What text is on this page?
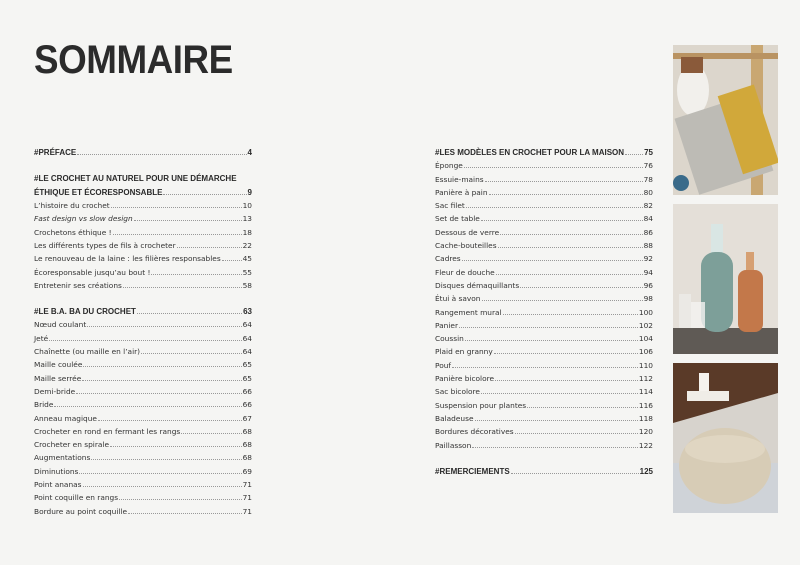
SOMMAIRE
#PRÉFACE	4
#LE CROCHET AU NATUREL POUR UNE DÉMARCHE
ÉTHIQUE ET ÉCORESPONSABLE	9
L’histoire du crochet	10
Fast design vs slow design	13
Crochetons éthique !	18
Les différents types de fils à crocheter	22
Le renouveau de la laine : les filières responsables	45
Écoresponsable jusqu’au bout !	55
Entretenir ses créations	58
#LE B.A. BA DU CROCHET	63
Nœud coulant	64
Jeté	64
Chaînette (ou maille en l’air)	64
Maille coulée	65
Maille serrée	65
Demi-bride	66
Bride	66
Anneau magique	67
Crocheter en rond en fermant les rangs	68
Crocheter en spirale	68
Augmentations	68
Diminutions	69
Point ananas	71
Point coquille en rangs	71
Bordure au point coquille	71
#LES MODÈLES EN CROCHET POUR LA MAISON	75
Éponge	76
Essuie-mains	78
Panière à pain	80
Sac filet	82
Set de table	84
Dessous de verre	86
Cache-bouteilles	88
Cadres	92
Fleur de douche	94
Disques démaquillants	96
Étui à savon	98
Rangement mural	100
Panier	102
Coussin	104
Plaid en granny	106
Pouf	110
Panière bicolore	112
Sac bicolore	114
Suspension pour plantes	116
Baladeuse	118
Bordures décoratives	120
Paillasson	122
#REMERCIEMENTS	125
